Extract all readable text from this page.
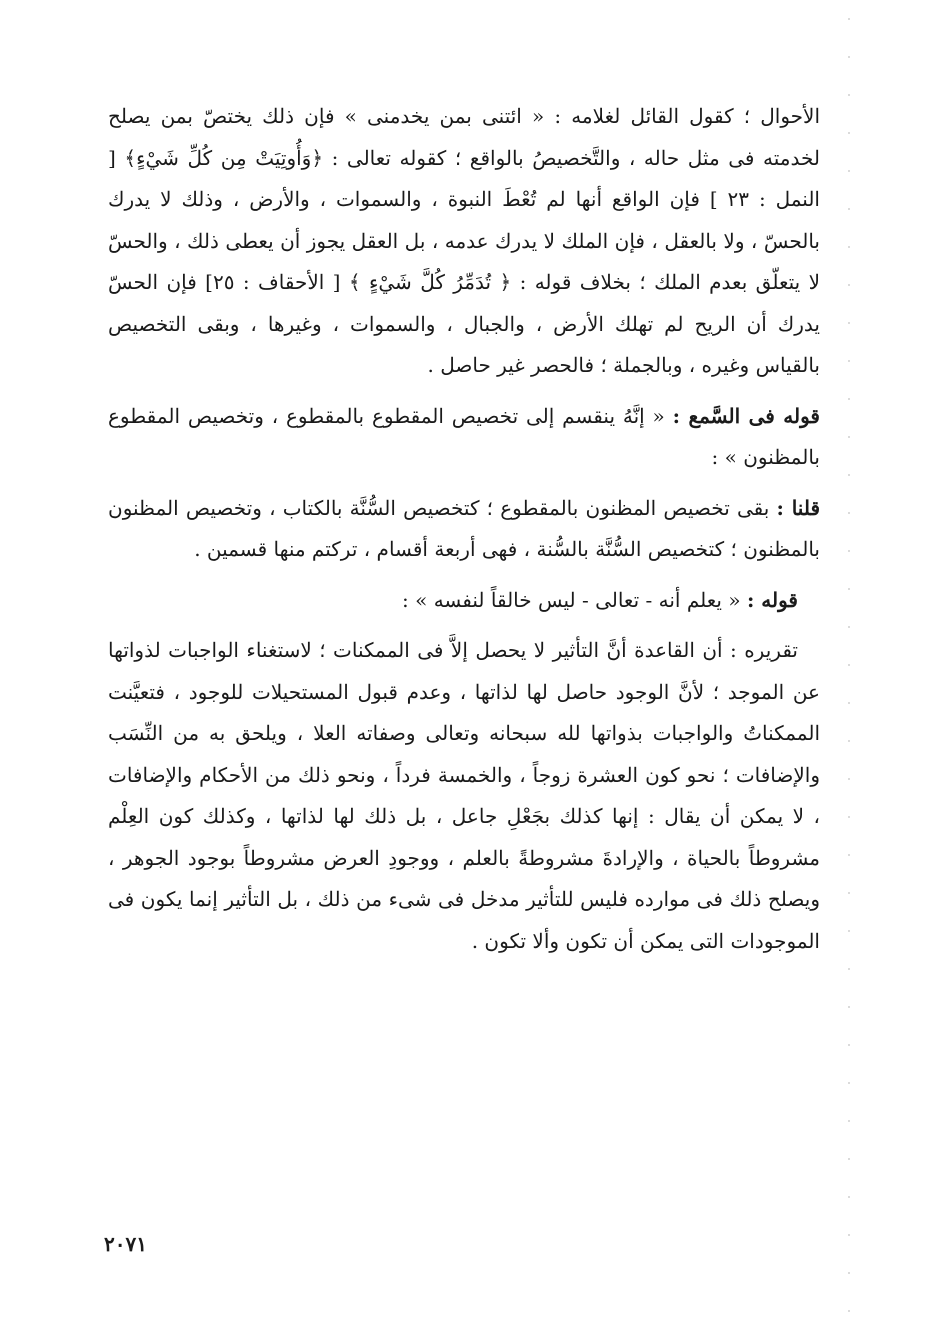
الأحوال ؛ كقول القائل لغلامه : « ائتنى بمن يخدمنى » فإن ذلك يختصّ بمن يصلح لخدمته فى مثل حاله ، والتَّخصيصُ بالواقع ؛ كقوله تعالى : ﴿وَأُوتِيَتْ مِن كُلِّ شَيْءٍ﴾ [ النمل : ٢٣ ] فإن الواقع أنها لم تُعْطَ النبوة ، والسموات ، والأرض ، وذلك لا يدرك بالحسّ ، ولا بالعقل ، فإن الملك لا يدرك عدمه ، بل العقل يجوز أن يعطى ذلك ، والحسّ لا يتعلّق بعدم الملك ؛ بخلاف قوله : ﴿ تُدَمِّرُ كُلَّ شَيْءٍ ﴾ [ الأحقاف : ٢٥] فإن الحسّ يدرك أن الريح لم تهلك الأرض ، والجبال ، والسموات ، وغيرها ، وبقى التخصيص بالقياس وغيره ، وبالجملة ؛ فالحصر غير حاصل .

قوله فى السَّمع : « إنَّهُ ينقسم إلى تخصيص المقطوع بالمقطوع ، وتخصيص المقطوع بالمظنون » :

قلنا : بقى تخصيص المظنون بالمقطوع ؛ كتخصيص السُّنَّة بالكتاب ، وتخصيص المظنون بالمظنون ؛ كتخصيص السُّنَّة بالسُّنة ، فهى أربعة أقسام ، تركتم منها قسمين .

قوله : « يعلم أنه - تعالى - ليس خالقاً لنفسه » :

تقريره : أن القاعدة أنَّ التأثير لا يحصل إلاَّ فى الممكنات ؛ لاستغناء الواجبات لذواتها عن الموجد ؛ لأنَّ الوجود حاصل لها لذاتها ، وعدم قبول المستحيلات للوجود ، فتعيَّنت الممكناتُ والواجبات بذواتها لله سبحانه وتعالى وصفاته العلا ، ويلحق به من النِّسَب والإضافات ؛ نحو كون العشرة زوجاً ، والخمسة فرداً ، ونحو ذلك من الأحكام والإضافات ، لا يمكن أن يقال : إنها كذلك بجَعْلِ جاعل ، بل ذلك لها لذاتها ، وكذلك كون العِلْم مشروطاً بالحياة ، والإرادةَ مشروطةً بالعلم ، ووجودِ العرض مشروطاً بوجود الجوهر ، ويصلح ذلك فى موارده فليس للتأثير مدخل فى شىء من ذلك ، بل التأثير إنما يكون فى الموجودات التى يمكن أن تكون وألا تكون .

٢٠٧١
